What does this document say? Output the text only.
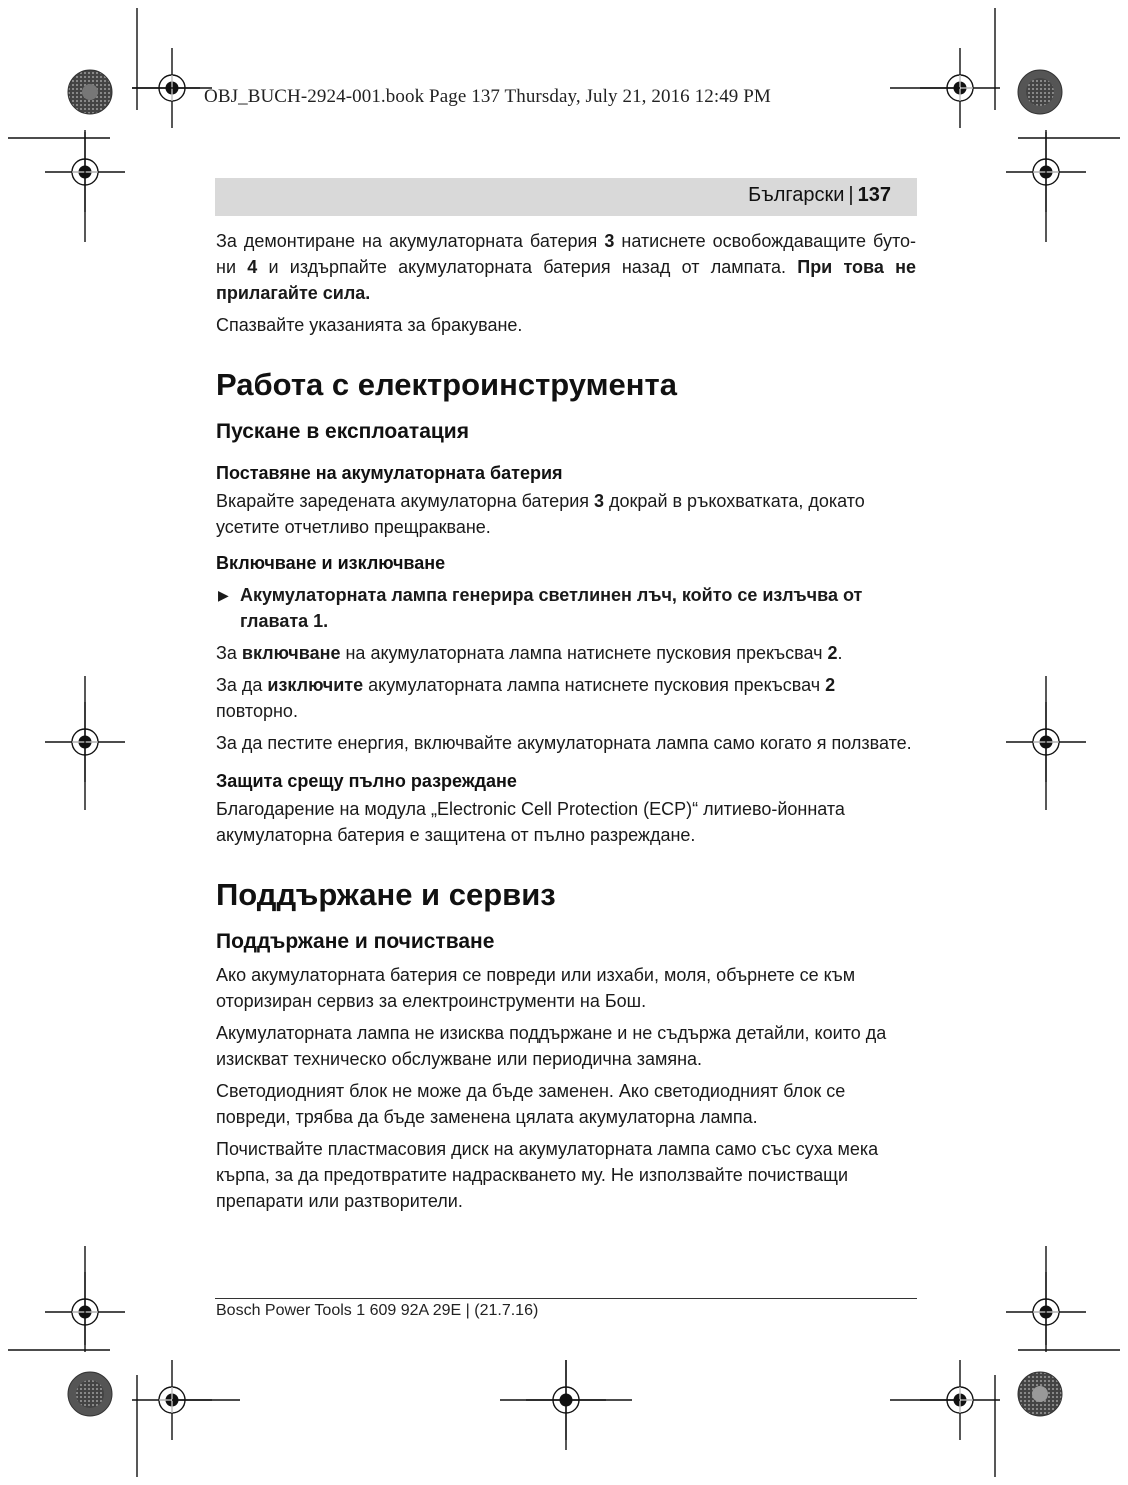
OBJ_BUCH-2924-001.book Page 137 Thursday, July 21, 2016 12:49 PM
Български | 137

За демонтиране на акумулаторната батерия 3 натиснете освобождаващите буто-ни 4 и издърпайте акумулаторната батерия назад от лампата. При това не прилагайте сила.

Спазвайте указанията за бракуване.

Работа с електроинструмента
Пускане в експлоатация
Поставяне на акумулаторната батерия

Вкарайте заредената акумулаторна батерия 3 докрай в ръкохватката, докато усетите отчетливо прещракване.

Включване и изключване

▶ Акумулаторната лампа генерира светлинен лъч, който се излъчва от главата 1.

За включване на акумулаторната лампа натиснете пусковия прекъсвач 2.

За да изключите акумулаторната лампа натиснете пусковия прекъсвач 2 повторно.

За да пестите енергия, включвайте акумулаторната лампа само когато я ползвате.

Защита срещу пълно разреждане

Благодарение на модула „Electronic Cell Protection (ECP)“ литиево-йонната акумулаторна батерия е защитена от пълно разреждане.

Поддържане и сервиз
Поддържане и почистване

Ако акумулаторната батерия се повреди или изхаби, моля, обърнете се към оторизиран сервиз за електроинструменти на Бош.

Акумулаторната лампа не изисква поддържане и не съдържа детайли, които да изискват техническо обслужване или периодична замяна.

Светодиодният блок не може да бъде заменен. Ако светодиодният блок се повреди, трябва да бъде заменена цялата акумулаторна лампа.

Почиствайте пластмасовия диск на акумулаторната лампа само със суха мека кърпа, за да предотвратите надраскването му. Не използвайте почистващи препарати или разтворители.

Bosch Power Tools 1 609 92A 29E | (21.7.16)
